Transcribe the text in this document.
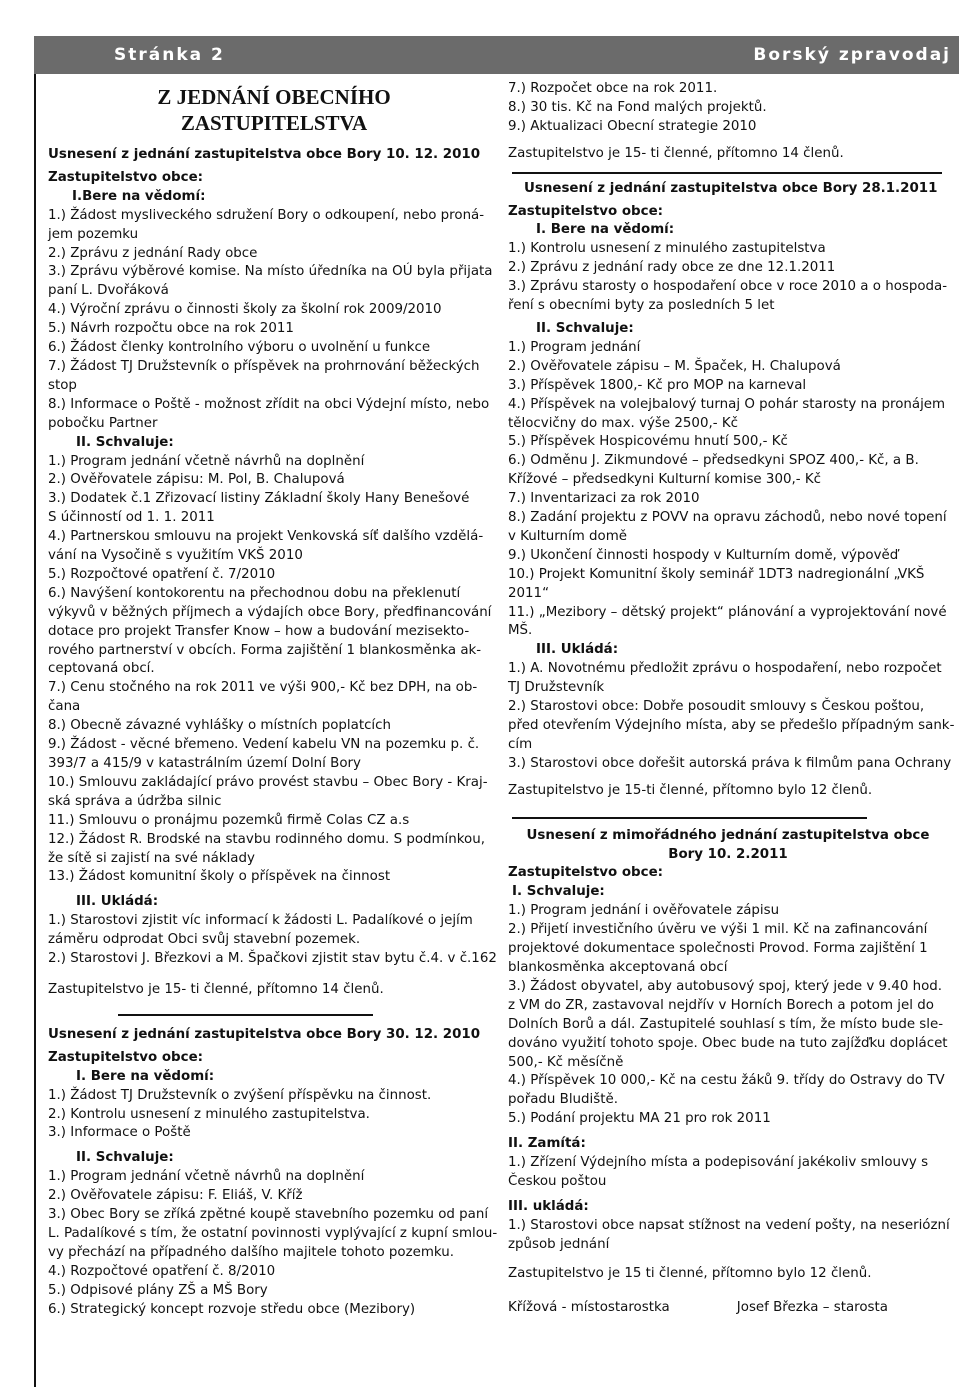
Stránka 2	Borský zpravodaj
Z JEDNÁNÍ OBECNÍHO
ZASTUPITELSTVA
Usnesení z jednání zastupitelstva obce Bory 10. 12. 2010
Zastupitelstvo obce:
I.Bere na vědomí:
1.) Žádost mysliveckého sdružení Bory o odkoupení, nebo proná-
jem pozemku
2.) Zprávu z jednání Rady obce
3.) Zprávu výběrové komise. Na místo úředníka na OÚ byla přijata
paní L. Dvořáková
4.) Výroční zprávu o činnosti školy za školní rok 2009/2010
5.) Návrh rozpočtu obce na rok 2011
6.) Žádost členky kontrolního výboru o uvolnění u funkce
7.) Žádost TJ Družstevník o příspěvek na prohrnování běžeckých
stop
8.) Informace o Poště - možnost zřídit na obci Výdejní místo, nebo
pobočku Partner
II. Schvaluje:
1.) Program jednání včetně návrhů na doplnění
2.) Ověřovatele zápisu: M. Pol, B. Chalupová
3.) Dodatek č.1 Zřizovací listiny Základní školy Hany Benešové
S účinností od 1. 1. 2011
4.) Partnerskou smlouvu na projekt Venkovská síť dalšího vzdělá-
vání na Vysočině s využitím VKŠ 2010
5.) Rozpočtové opatření č. 7/2010
6.) Navýšení kontokorentu na přechodnou dobu na překlenutí
výkyvů v běžných příjmech a výdajích obce Bory, předfinancování
dotace pro projekt Transfer Know – how a budování mezisekto-
rového partnerství v obcích. Forma zajištění 1 blankosměnka ak-
ceptovaná obcí.
7.) Cenu stočného na rok 2011 ve výši 900,- Kč bez DPH, na ob-
čana
8.) Obecně závazné vyhlášky o místních poplatcích
9.) Žádost - věcné břemeno. Vedení kabelu VN na pozemku p. č.
393/7 a 415/9 v katastrálním území Dolní Bory
10.) Smlouvu zakládající právo provést stavbu – Obec Bory - Kraj-
ská správa a údržba silnic
11.) Smlouvu o pronájmu pozemků firmě Colas CZ a.s
12.) Žádost R. Brodské na stavbu rodinného domu. S podmínkou,
že sítě si zajistí na své náklady
13.) Žádost komunitní školy o příspěvek na činnost
III. Ukládá:
1.) Starostovi zjistit víc informací k žádosti L. Padalíkové o jejím
záměru odprodat Obci svůj stavební pozemek.
2.) Starostovi J. Březkovi a M. Špačkovi zjistit stav bytu č.4. v č.162
Zastupitelstvo je 15- ti členné, přítomno 14 členů.
Usnesení z jednání zastupitelstva obce Bory 30. 12. 2010
Zastupitelstvo obce:
I. Bere na vědomí:
1.) Žádost TJ Družstevník o zvýšení příspěvku na činnost.
2.) Kontrolu usnesení z minulého zastupitelstva.
3.) Informace o Poště
II. Schvaluje:
1.) Program jednání včetně návrhů na doplnění
2.) Ověřovatele zápisu: F. Eliáš, V. Kříž
3.) Obec Bory se zříká zpětné koupě stavebního pozemku od paní
L. Padalíkové s tím, že ostatní povinnosti vyplývající z kupní smlou-
vy přechází na případného dalšího majitele tohoto pozemku.
4.) Rozpočtové opatření č. 8/2010
5.) Odpisové plány ZŠ a MŠ Bory
6.) Strategický koncept rozvoje středu obce (Mezibory)
7.) Rozpočet obce na rok 2011.
8.) 30 tis. Kč na Fond malých projektů.
9.) Aktualizaci Obecní strategie 2010
Zastupitelstvo je 15- ti členné, přítomno 14 členů.
Usnesení z jednání zastupitelstva obce Bory 28.1.2011
Zastupitelstvo obce:
I. Bere na vědomí:
1.) Kontrolu usnesení z minulého zastupitelstva
2.) Zprávu z jednání rady obce ze dne 12.1.2011
3.) Zprávu starosty o hospodaření obce v roce 2010 a o hospoda-
ření s obecními byty za posledních 5 let
II. Schvaluje:
1.) Program jednání
2.) Ověřovatele zápisu – M. Špaček, H. Chalupová
3.) Příspěvek 1800,- Kč pro MOP na karneval
4.) Příspěvek na volejbalový turnaj O pohár starosty na pronájem
tělocvičny do max. výše 2500,- Kč
5.) Příspěvek Hospicovému hnutí 500,- Kč
6.) Odměnu J. Zikmundové – předsedkyni SPOZ 400,- Kč, a B.
Křížové – předsedkyni Kulturní komise 300,- Kč
7.) Inventarizaci za rok 2010
8.) Zadání projektu z POVV na opravu záchodů, nebo nové topení
v Kulturním domě
9.) Ukončení činnosti hospody v Kulturním domě, výpověď
10.) Projekt Komunitní školy seminář 1DT3 nadregionální „VKŠ
2011“
11.) „Mezibory – dětský projekt“ plánování a vyprojektování nové
MŠ.
III. Ukládá:
1.) A. Novotnému předložit zprávu o hospodaření, nebo rozpočet
TJ Družstevník
2.) Starostovi obce: Dobře posoudit smlouvy s Českou poštou,
před otevřením Výdejního místa, aby se předešlo případným sank-
cím
3.) Starostovi obce dořešit autorská práva k filmům pana Ochrany
Zastupitelstvo je 15-ti členné, přítomno bylo 12 členů.
Usnesení z mimořádného jednání zastupitelstva obce
Bory 10. 2.2011
Zastupitelstvo obce:
I. Schvaluje:
1.) Program jednání i ověřovatele zápisu
2.) Přijetí investičního úvěru ve výši 1 mil. Kč na zafinancování
projektové dokumentace společnosti Provod. Forma zajištění 1
blankosměnka akceptovaná obcí
3.) Žádost obyvatel, aby autobusový spoj, který jede v 9.40 hod.
z VM do ZR, zastavoval nejdřív v Horních Borech a potom jel do
Dolních Borů a dál. Zastupitelé souhlasí s tím, že místo bude sle-
dováno využití tohoto spoje. Obec bude na tuto zajížďku doplácet
500,- Kč měsíčně
4.) Příspěvek 10 000,- Kč na cestu žáků 9. třídy do Ostravy do TV
pořadu Bludiště.
5.) Podání projektu MA 21 pro rok 2011
II. Zamítá:
1.) Zřízení Výdejního místa a podepisování jakékoliv smlouvy s
Českou poštou
III. ukládá:
1.) Starostovi obce napsat stížnost na vedení pošty, na neseriózní
způsob jednání
Zastupitelstvo je 15 ti členné, přítomno bylo 12 členů.
Křížová - místostarostka	Josef Březka – starosta
